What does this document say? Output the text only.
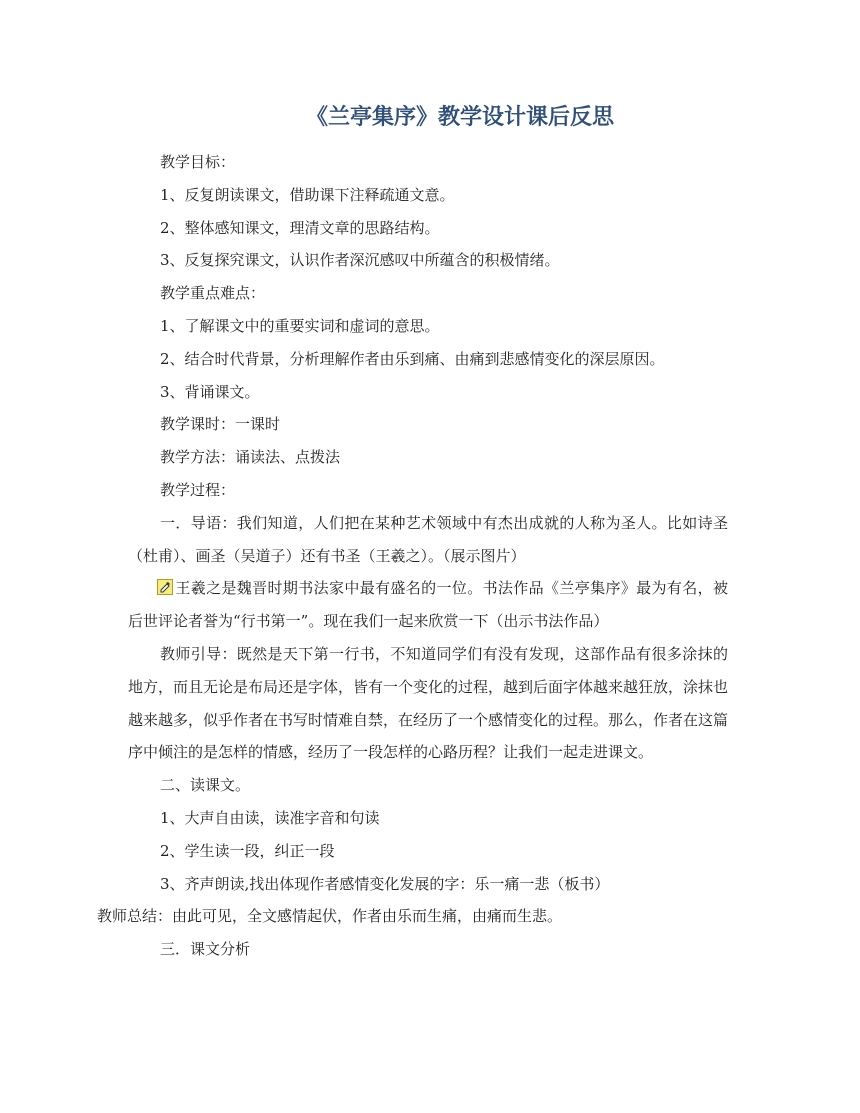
《兰亭集序》教学设计课后反思

教学目标：

1、反复朗读课文，借助课下注释疏通文意。

2、整体感知课文，理清文章的思路结构。

3、反复探究课文，认识作者深沉感叹中所蕴含的积极情绪。

教学重点难点：

1、了解课文中的重要实词和虚词的意思。

2、结合时代背景，分析理解作者由乐到痛、由痛到悲感情变化的深层原因。

3、背诵课文。

教学课时：一课时

教学方法：诵读法、点拨法

教学过程：

一．导语：我们知道，人们把在某种艺术领域中有杰出成就的人称为圣人。比如诗圣（杜甫）、画圣（吴道子）还有书圣（王羲之）。（展示图片）

王羲之是魏晋时期书法家中最有盛名的一位。书法作品《兰亭集序》最为有名，被后世评论者誉为“行书第一”。现在我们一起来欣赏一下（出示书法作品）

教师引导：既然是天下第一行书，不知道同学们有没有发现，这部作品有很多涂抹的地方，而且无论是布局还是字体，皆有一个变化的过程，越到后面字体越来越狂放，涂抹也越来越多，似乎作者在书写时情难自禁，在经历了一个感情变化的过程。那么，作者在这篇序中倾注的是怎样的情感，经历了一段怎样的心路历程？让我们一起走进课文。

二、读课文。

1、大声自由读，读准字音和句读

2、学生读一段，纠正一段

3、齐声朗读,找出体现作者感情变化发展的字：乐一痛一悲（板书）

教师总结：由此可见，全文感情起伏，作者由乐而生痛，由痛而生悲。

三．课文分析
